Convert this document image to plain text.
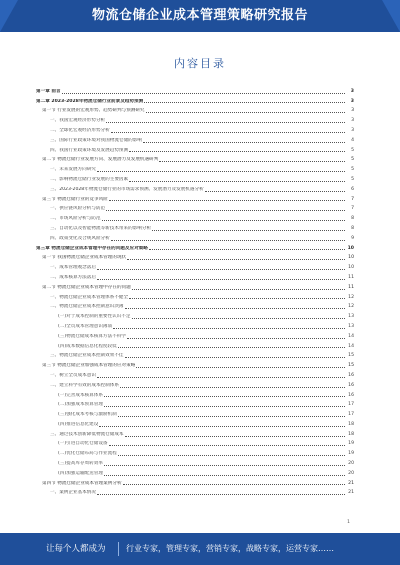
物流仓储企业成本管理策略研究报告
内容目录
第一章 前言	3
第二章 2023-2028年物流仓储行业前景及趋势预测	3
第一节 行业发展的宏观形势、趋势研判与预测研究	3
一、我国宏观经济形势分析	3
二、全球化宏观经济形势分析	3
三、国际行业政策环境对我国物流仓储的影响	4
四、我国行业政策环境及发展趋势预测	5
第二节 物流仓储行业发展方向、发展潜力及发展机遇研判	5
一、未来发展方向研究	5
二、影响物流仓储行业发展的主要因素	5
三、2023-2028年物流仓储行业的市场需求预测、发展潜力及发展机遇分析	6
第三节 物流仓储行业的竞争风险	7
一、供应链风险分析与防范	7
二、市场风险分析与防范	8
三、自动化以及智能物流等新技术带来的影响分析	8
四、政策变化及合规风险分析	9
第三章 物流仓储企业成本管理中存在的问题及应对策略	10
第一节 我国物流仓储企业成本管理的现状	10
一、成本管理观念落后	10
二、成本核算方法落后	11
第二节 物流仓储企业成本管理中存在的问题	11
一、物流仓储企业成本管理体系不健全	12
二、物流仓储企业成本控制意识淡薄	12
(一)对于成本控制的重要性认识不足	13
(二)全员成本管理意识薄弱	13
(三)物流仓储成本核算方法不科学	14
(四)成本数据信息化程度较低	14
三、物流仓储企业成本控制效果不佳	15
第三节 物流仓储企业加强成本管理的应对策略	15
一、树立全员成本意识	16
二、建立科学有效的成本控制体系	16
(一)完善成本核算体系	16
(二)加强成本预算管理	17
(三)强化成本考核与激励机制	17
(四)推进信息化建设	18
三、通过技术创新降低物流仓储成本	18
(一)引进自动化仓储设备	19
(二)优化仓储布局与作业流程	19
(三)提高库存周转效率	20
(四)加强运输配送管理	20
第四节 物流仓储企业成本管理案例分析	21
一、案例企业基本情况	21
1
让每个人都成为	行业专家，管理专家，营销专家，战略专家，运营专家……
